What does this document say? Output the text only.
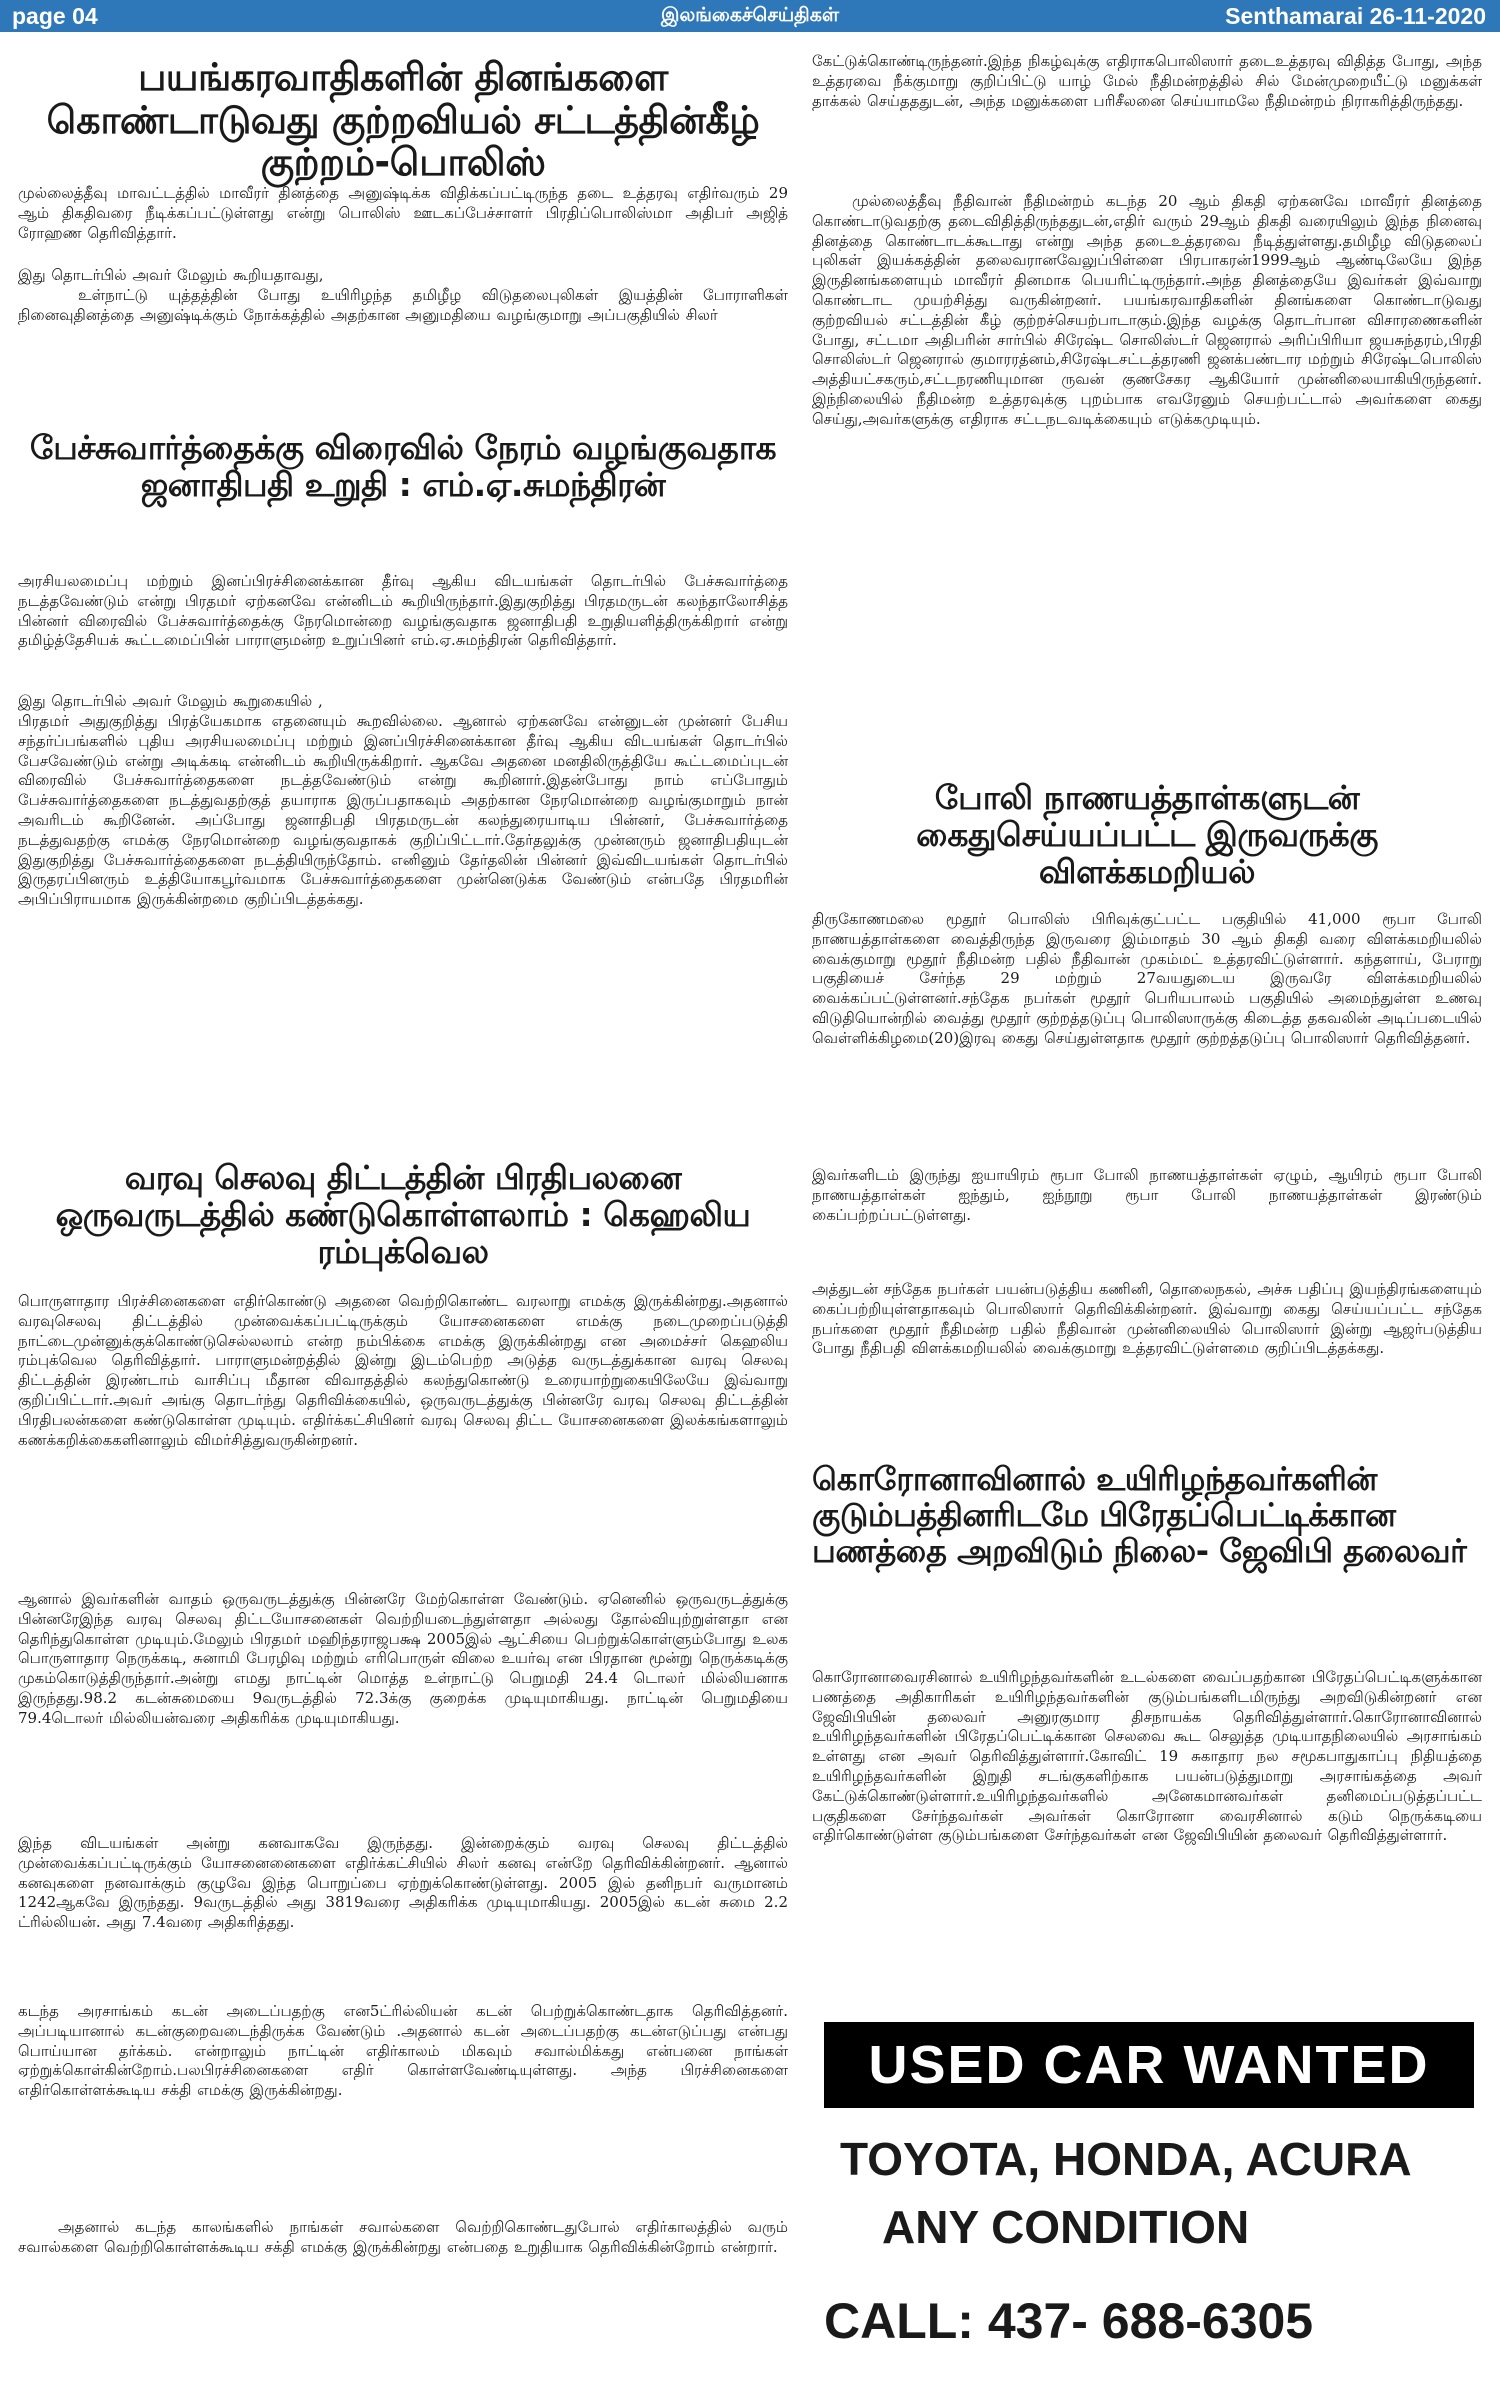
page 04	இலங்கைச்செய்திகள்	Senthamarai 26-11-2020
பயங்கரவாதிகளின் தினங்களை கொண்டாடுவது குற்றவியல் சட்டத்தின்கீழ் குற்றம்-பொலிஸ்
முல்லைத்தீவு மாவட்டத்தில் மாவீரர் தினத்தை அனுஷ்டிக்க விதிக்கப்பட்டிருந்த தடை உத்தரவு எதிர்வரும் 29 ஆம் திகதிவரை நீடிக்கப்பட்டுள்ளது என்று பொலிஸ் ஊடகப்பேச்சாளர் பிரதிப்பொலிஸ்மா அதிபர் அஜித் ரோஹண தெரிவித்தார்.
இது தொடர்பில் அவர் மேலும் கூறியதாவது,
உள்நாட்டு யுத்தத்தின் போது உயிரிழந்த தமிழீழ விடுதலைபுலிகள் இயத்தின் போராளிகள் நினைவுதினத்தை அனுஷ்டிக்கும் நோக்கத்தில் அதற்கான அனுமதியை வழங்குமாறு அப்பகுதியில் சிலர்
பேச்சுவார்த்தைக்கு விரைவில் நேரம் வழங்குவதாக ஜனாதிபதி உறுதி : எம்.ஏ.சுமந்திரன்
அரசியலமைப்பு மற்றும் இனப்பிரச்சினைக்கான தீர்வு ஆகிய விடயங்கள் தொடர்பில் பேச்சுவார்த்தை நடத்தவேண்டும் என்று பிரதமர் ஏற்கனவே என்னிடம் கூறியிருந்தார்.இதுகுறித்து பிரதமருடன் கலந்தாலோசித்த பின்னர் விரைவில் பேச்சுவார்த்தைக்கு நேரமொன்றை வழங்குவதாக ஜனாதிபதி உறுதியளித்திருக்கிறார் என்று தமிழ்த்தேசியக் கூட்டமைப்பின் பாராளுமன்ற உறுப்பினர் எம்.ஏ.சுமந்திரன் தெரிவித்தார்.
இது தொடர்பில் அவர் மேலும் கூறுகையில் ,
பிரதமர் அதுகுறித்து பிரத்யேகமாக எதனையும் கூறவில்லை. ஆனால் ஏற்கனவே என்னுடன் முன்னர் பேசிய சந்தர்ப்பங்களில் புதிய அரசியலமைப்பு மற்றும் இனப்பிரச்சினைக்கான தீர்வு ஆகிய விடயங்கள் தொடர்பில் பேசவேண்டும் என்று அடிக்கடி என்னிடம் கூறியிருக்கிறார். ஆகவே அதனை மனதிலிருத்தியே கூட்டமைப்புடன் விரைவில் பேச்சுவார்த்தைகளை நடத்தவேண்டும் என்று கூறினார்.இதன்போது நாம் எப்போதும் பேச்சுவார்த்தைகளை நடத்துவதற்குத் தயாராக இருப்பதாகவும் அதற்கான நேரமொன்றை வழங்குமாறும் நான் அவரிடம் கூறினேன். அப்போது ஜனாதிபதி பிரதமருடன் கலந்துரையாடிய பின்னர், பேச்சுவார்த்தை நடத்துவதற்கு எமக்கு நேரமொன்றை வழங்குவதாகக் குறிப்பிட்டார்.தேர்தலுக்கு முன்னரும் ஜனாதிபதியுடன் இதுகுறித்து பேச்சுவார்த்தைகளை நடத்தியிருந்தோம். எனினும் தேர்தலின் பின்னர் இவ்விடயங்கள் தொடர்பில் இருதரப்பினரும் உத்தியோகபூர்வமாக பேச்சுவார்த்தைகளை முன்னெடுக்க வேண்டும் என்பதே பிரதமரின் அபிப்பிராயமாக இருக்கின்றமை குறிப்பிடத்தக்கது.
வரவு செலவு திட்டத்தின் பிரதிபலனை ஒருவருடத்தில் கண்டுகொள்ளலாம் : கெஹலிய ரம்புக்வெல
பொருளாதார பிரச்சினைகளை எதிர்கொண்டு அதனை வெற்றிகொண்ட வரலாறு எமக்கு இருக்கின்றது.அதனால் வரவுசெலவு திட்டத்தில் முன்வைக்கப்பட்டிருக்கும் யோசனைகளை எமக்கு நடைமுறைப்படுத்தி நாட்டைமுன்னுக்குக்கொண்டுசெல்லலாம் என்ற நம்பிக்கை எமக்கு இருக்கின்றது என அமைச்சர் கெஹலிய ரம்புக்வெல தெரிவித்தார். பாராளுமன்றத்தில் இன்று இடம்பெற்ற அடுத்த வருடத்துக்கான வரவு செலவு திட்டத்தின் இரண்டாம் வாசிப்பு மீதான விவாதத்தில் கலந்துகொண்டு உரையாற்றுகையிலேயே இவ்வாறு குறிப்பிட்டார்.அவர் அங்கு தொடர்ந்து தெரிவிக்கையில், ஒருவருடத்துக்கு பின்னரே வரவு செலவு திட்டத்தின் பிரதிபலன்களை கண்டுகொள்ள முடியும். எதிர்க்கட்சியினர் வரவு செலவு திட்ட யோசனைகளை இலக்கங்களாலும் கணக்கறிக்கைகளினாலும் விமர்சித்துவருகின்றனர்.
ஆனால் இவர்களின் வாதம் ஒருவருடத்துக்கு பின்னரே மேற்கொள்ள வேண்டும். ஏனெனில் ஒருவருடத்துக்கு பின்னரேஇந்த வரவு செலவு திட்டயோசனைகள் வெற்றியடைந்துள்ளதா அல்லது தோல்வியுற்றுள்ளதா என தெரிந்துகொள்ள முடியும்.மேலும் பிரதமர் மஹிந்தராஜபக்ஷ 2005இல் ஆட்சியை பெற்றுக்கொள்ளும்போது உலக பொருளாதார நெருக்கடி, சுனாமி பேரழிவு மற்றும் எரிபொருள் விலை உயர்வு என பிரதான மூன்று நெருக்கடிக்கு முகம்கொடுத்திருந்தார்.அன்று எமது நாட்டின் மொத்த உள்நாட்டு பெறுமதி 24.4 டொலர் மில்லியனாக இருந்தது.98.2 கடன்சுமையை 9வருடத்தில் 72.3க்கு குறைக்க முடியுமாகியது. நாட்டின் பெறுமதியை 79.4டொலர் மில்லியன்வரை அதிகரிக்க முடியுமாகியது.
இந்த விடயங்கள் அன்று கனவாகவே இருந்தது. இன்றைக்கும் வரவு செலவு திட்டத்தில் முன்வைக்கப்பட்டிருக்கும் யோசனைனைகளை எதிர்க்கட்சியில் சிலர் கனவு என்றே தெரிவிக்கின்றனர். ஆனால் கனவுகளை நனவாக்கும் குழுவே இந்த பொறுப்பை ஏற்றுக்கொண்டுள்ளது. 2005 இல் தனிநபர் வருமானம் 1242ஆகவே இருந்தது. 9வருடத்தில் அது 3819வரை அதிகரிக்க முடியுமாகியது. 2005இல் கடன் சுமை 2.2 ட்ரில்லியன். அது 7.4வரை அதிகரித்தது.
கடந்த அரசாங்கம் கடன் அடைப்பதற்கு என5ட்ரில்லியன் கடன் பெற்றுக்கொண்டதாக தெரிவித்தனர். அப்படியானால் கடன்குறைவடைந்திருக்க வேண்டும் .அதனால் கடன் அடைப்பதற்கு கடன்எடுப்பது என்பது பொய்யான தர்க்கம். என்றாலும் நாட்டின் எதிர்காலம் மிகவும் சவால்மிக்கது என்பனை நாங்கள் ஏற்றுக்கொள்கின்றோம்.பலபிரச்சினைகளை எதிர் கொள்ளவேண்டியுள்ளது. அந்த பிரச்சினைகளை எதிர்கொள்ளக்கூடிய சக்தி எமக்கு இருக்கின்றது.
அதனால் கடந்த காலங்களில் நாங்கள் சவால்களை வெற்றிகொண்டதுபோல் எதிர்காலத்தில் வரும் சவால்களை வெற்றிகொள்ளக்கூடிய சக்தி எமக்கு இருக்கின்றது என்பதை உறுதியாக தெரிவிக்கின்றோம் என்றார்.
கேட்டுக்கொண்டிருந்தனர்.இந்த நிகழ்வுக்கு எதிராகபொலிஸார் தடைஉத்தரவு விதித்த போது, அந்த உத்தரவை நீக்குமாறு குறிப்பிட்டு யாழ் மேல் நீதிமன்றத்தில் சில் மேன்முறையீட்டு மனுக்கள் தாக்கல் செய்தததுடன், அந்த மனுக்களை பரிசீலனை செய்யாமலே நீதிமன்றம் நிராகரித்திருந்தது.
முல்லைத்தீவு நீதிவான் நீதிமன்றம் கடந்த 20 ஆம் திகதி ஏற்கனவே மாவீரர் தினத்தை கொண்டாடுவதற்கு தடைவிதித்திருந்ததுடன்,எதிர் வரும் 29ஆம் திகதி வரையிலும் இந்த நினைவு தினத்தை கொண்டாடக்கூடாது என்று அந்த தடைஉத்தரவை நீடித்துள்ளது.தமிழீழ விடுதலைப் புலிகள் இயக்கத்தின் தலைவரானவேலுப்பிள்ளை பிரபாகரன்1999ஆம் ஆண்டிலேயே இந்த இருதினங்களையும் மாவீரர் தினமாக பெயரிட்டிருந்தார்.அந்த தினத்தையே இவர்கள் இவ்வாறு கொண்டாட முயற்சித்து வருகின்றனர். பயங்கரவாதிகளின் தினங்களை கொண்டாடுவது குற்றவியல் சட்டத்தின் கீழ் குற்றச்செயற்பாடாகும்.இந்த வழக்கு தொடர்பான விசாரணைகளின் போது, சட்டமா அதிபரின் சார்பில் சிரேஷ்ட சொலிஸ்டர் ஜெனரால் அரிப்பிரியா ஜயசுந்தரம்,பிரதி சொலிஸ்டர் ஜெனரால் குமாரரத்னம்,சிரேஷ்டசட்டத்தரணி ஜனக்பண்டார மற்றும் சிரேஷ்டபொலிஸ் அத்தியட்சகரும்,சட்டநரணியுமான ருவன் குணசேகர ஆகியோர் முன்னிலையாகியிருந்தனர். இந்நிலையில் நீதிமன்ற உத்தரவுக்கு புறம்பாக எவரேனும் செயற்பட்டால் அவர்களை கைது செய்து,அவர்களுக்கு எதிராக சட்டநடவடிக்கையும் எடுக்கமுடியும்.
போலி நாணயத்தாள்களுடன் கைதுசெய்யப்பட்ட இருவருக்கு விளக்கமறியல்
திருகோணமலை மூதூர் பொலிஸ் பிரிவுக்குட்பட்ட பகுதியில் 41,000 ரூபா போலி நாணயத்தாள்களை வைத்திருந்த இருவரை இம்மாதம் 30 ஆம் திகதி வரை விளக்கமறியலில் வைக்குமாறு மூதூர் நீதிமன்ற பதில் நீதிவான் முகம்மட் உத்தரவிட்டுள்ளார். கந்தளாய், பேராறு பகுதியைச் சேர்ந்த 29 மற்றும் 27வயதுடைய இருவரே விளக்கமறியலில் வைக்கப்பட்டுள்ளனர்.சந்தேக நபர்கள் மூதூர் பெரியபாலம் பகுதியில் அமைந்துள்ள உணவு விடுதியொன்றில் வைத்து மூதூர் குற்றத்தடுப்பு பொலிஸாருக்கு கிடைத்த தகவலின் அடிப்படையில் வெள்ளிக்கிழமை(20)இரவு கைது செய்துள்ளதாக மூதூர் குற்றத்தடுப்பு பொலிஸார் தெரிவித்தனர்.
இவர்களிடம் இருந்து ஐயாயிரம் ரூபா போலி நாணயத்தாள்கள் ஏழும், ஆயிரம் ரூபா போலி நாணயத்தாள்கள் ஐந்தும், ஐந்நூறு ரூபா போலி நாணயத்தாள்கள் இரண்டும் கைப்பற்றப்பட்டுள்ளது.
அத்துடன் சந்தேக நபர்கள் பயன்படுத்திய கணினி, தொலைநகல், அச்சு பதிப்பு இயந்திரங்களையும் கைப்பற்றியுள்ளதாகவும் பொலிஸார் தெரிவிக்கின்றனர். இவ்வாறு கைது செய்யப்பட்ட சந்தேக நபர்களை மூதூர் நீதிமன்ற பதில் நீதிவான் முன்னிலையில் பொலிஸார் இன்று ஆஜர்படுத்திய போது நீதிபதி விளக்கமறியலில் வைக்குமாறு உத்தரவிட்டுள்ளமை குறிப்பிடத்தக்கது.
கொரோனாவினால் உயிரிழந்தவர்களின் குடும்பத்தினரிடமே பிரேதப்பெட்டிக்கான பணத்தை அறவிடும் நிலை- ஜேவிபி தலைவர்
கொரோனாவைரசினால் உயிரிழந்தவர்களின் உடல்களை வைப்பதற்கான பிரேதப்பெட்டிகளுக்கான பணத்தை அதிகாரிகள் உயிரிழந்தவர்களின் குடும்பங்களிடமிருந்து அறவிடுகின்றனர் என ஜேவிபியின் தலைவர் அனுரகுமார திசநாயக்க தெரிவித்துள்ளார்.கொரோனாவினால் உயிரிழந்தவர்களின் பிரேதப்பெட்டிக்கான செலவை கூட செலுத்த முடியாதநிலையில் அரசாங்கம் உள்ளது என அவர் தெரிவித்துள்ளார்.கோவிட் 19 சுகாதார நல சமூகபாதுகாப்பு நிதியத்தை உயிரிழந்தவர்களின் இறுதி சடங்குகளிற்காக பயன்படுத்துமாறு அரசாங்கத்தை அவர் கேட்டுக்கொண்டுள்ளார்.உயிரிழந்தவர்களில் அனேகமானவர்கள் தனிமைப்படுத்தப்பட்ட பகுதிகளை சேர்ந்தவர்கள் அவர்கள் கொரோனா வைரசினால் கடும் நெருக்கடியை எதிர்கொண்டுள்ள குடும்பங்களை சேர்ந்தவர்கள் என ஜேவிபியின் தலைவர் தெரிவித்துள்ளார்.
USED CAR WANTED
TOYOTA, HONDA, ACURA
ANY CONDITION
CALL: 437- 688-6305
